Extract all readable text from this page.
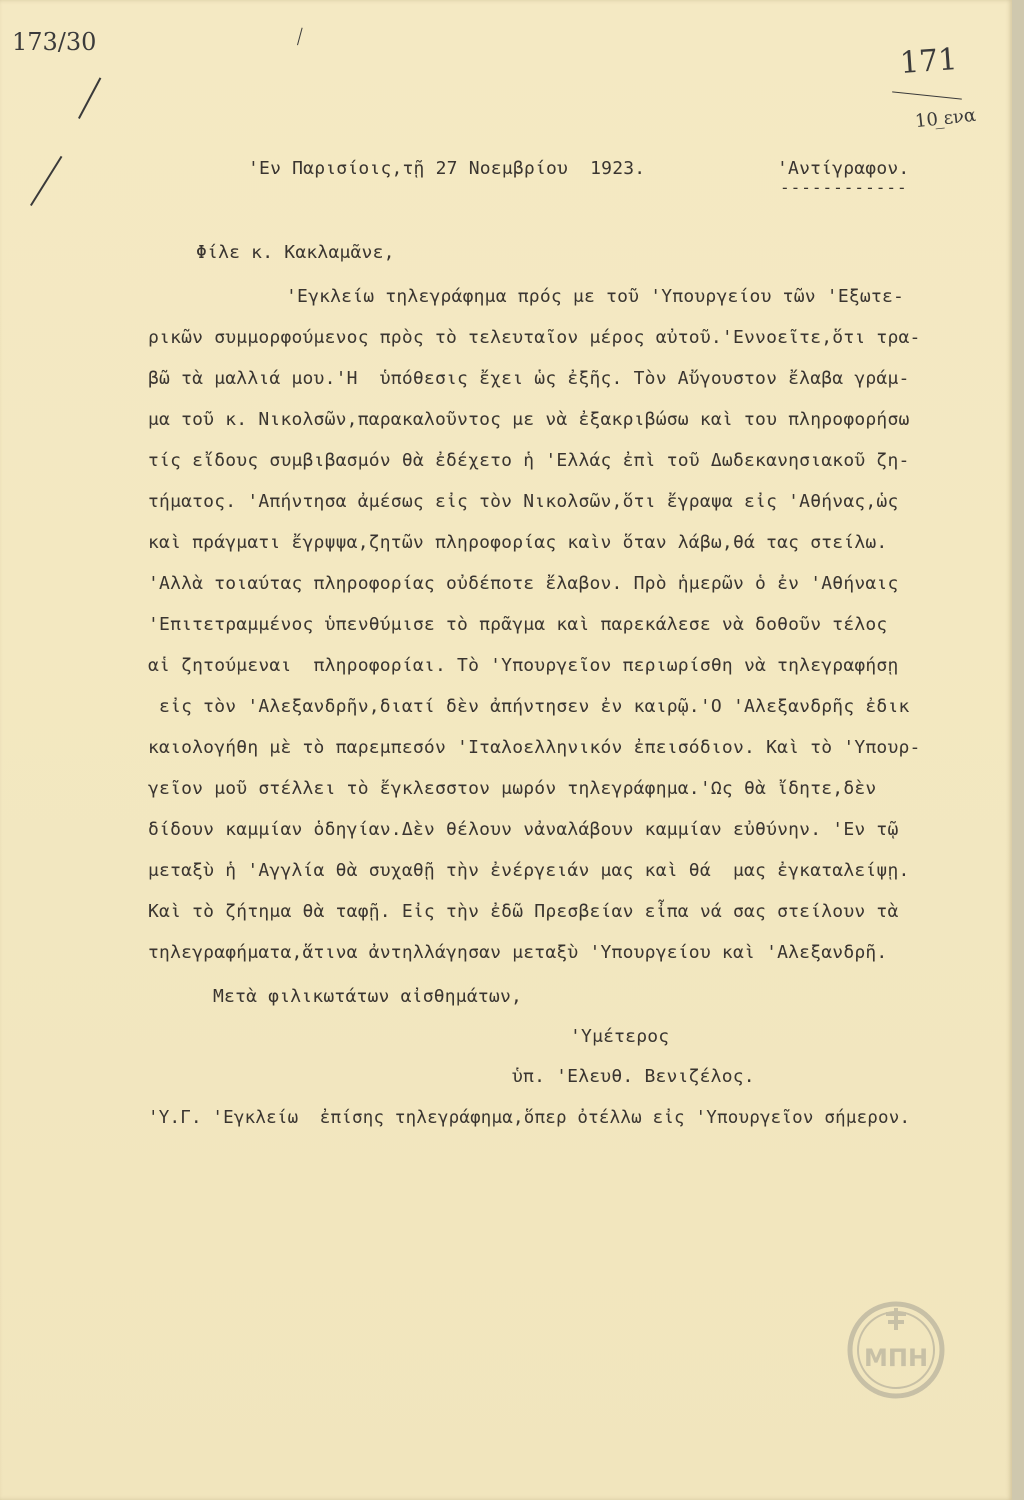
173/30
171
10 ̲ενα
'Εν Παρισίοις,τῇ 27 Νοεμβρίου  1923.	'Αντίγραφον.
------------
Φίλε κ. Κακλαμᾶνε,
'Εγκλείω τηλεγράφημα πρός με τοῦ 'Υπουργείου τῶν 'Εξωτε-
ρικῶν συμμορφούμενος πρὸς τὸ τελευταῖον μέρος αὐτοῦ.'Εννοεῖτε,ὅτι τρα-
βῶ τὰ μαλλιά μου.'Η  ὑπόθεσις ἔχει ὡς ἐξῆς. Τὸν Αὔγουστον ἔλαβα γράμ-
μα τοῦ κ. Νικολσῶν,παρακαλοῦντος με νὰ ἐξακριβώσω καὶ του πληροφορήσω
τίς εἴδους συμβιβασμόν θὰ ἐδέχετο ἡ 'Ελλάς ἐπὶ τοῦ Δωδεκανησιακοῦ ζη-
τήματος. 'Απήντησα ἀμέσως εἰς τὸν Νικολσῶν,ὅτι ἔγραψα εἰς 'Αθήνας,ὡς
καὶ πράγματι ἔγρψψα,ζητῶν πληροφορίας καὶν ὅταν λάβω,θά τας στείλω.
'Αλλὰ τοιαύτας πληροφορίας οὐδέποτε ἔλαβον. Πρὸ ἡμερῶν ὁ ἐν 'Αθήναις
'Επιτετραμμένος ὑπενθύμισε τὸ πρᾶγμα καὶ παρεκάλεσε νὰ δοθοῦν τέλος
αἱ ζητούμεναι  πληροφορίαι. Τὸ 'Υπουργεῖον περιωρίσθη νὰ τηλεγραφήσῃ
εἰς τὸν 'Αλεξανδρῆν,διατί δὲν ἀπήντησεν ἐν καιρῷ.'Ο 'Αλεξανδρῆς ἐδικ
καιολογήθη μὲ τὸ παρεμπεσόν 'Ιταλοελληνικόν ἐπεισόδιον. Καὶ τὸ 'Υπουρ-
γεῖον μοῦ στέλλει τὸ ἔγκλεσστον μωρόν τηλεγράφημα.'Ως θὰ ἴδητε,δὲν
δίδουν καμμίαν ὁδηγίαν.Δὲν θέλουν νἀναλάβουν καμμίαν εὐθύνην. 'Εν τῷ
μεταξὺ ἡ 'Αγγλία θὰ συχαθῇ τὴν ἐνέργειάν μας καὶ θά  μας ἐγκαταλείψῃ.
Καὶ τὸ ζήτημα θὰ ταφῇ. Εἰς τὴν ἐδῶ Πρεσβείαν εἶπα νά σας στείλουν τὰ
τηλεγραφήματα,ἅτινα ἀντηλλάγησαν μεταξὺ 'Υπουργείου καὶ 'Αλεξανδρῆ.
Μετὰ φιλικωτάτων αἰσθημάτων,
'Υμέτερος
ὑπ. 'Ελευθ. Βενιζέλος.
'Υ.Γ. 'Εγκλείω  ἐπίσης τηλεγράφημα,ὅπερ ὀτέλλω εἰς 'Υπουργεῖον σήμερον.
ΜΠΗ
